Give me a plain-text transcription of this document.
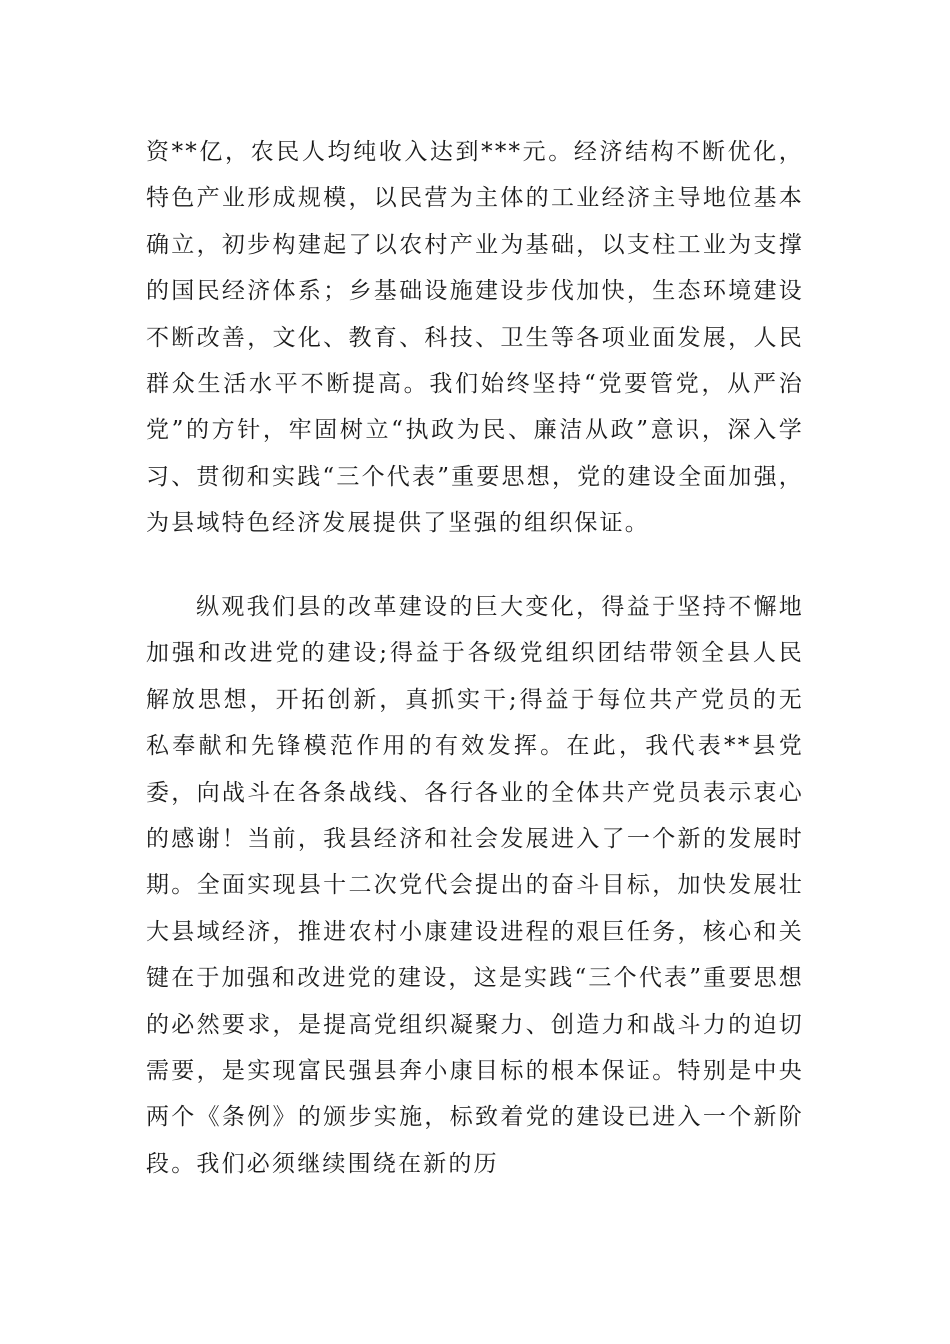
资**亿，农民人均纯收入达到***元。经济结构不断优化，特色产业形成规模，以民营为主体的工业经济主导地位基本确立，初步构建起了以农村产业为基础，以支柱工业为支撑的国民经济体系；乡基础设施建设步伐加快，生态环境建设不断改善，文化、教育、科技、卫生等各项业面发展，人民群众生活水平不断提高。我们始终坚持“党要管党，从严治党”的方针，牢固树立“执政为民、廉洁从政”意识，深入学习、贯彻和实践“三个代表”重要思想，党的建设全面加强，为县域特色经济发展提供了坚强的组织保证。

纵观我们县的改革建设的巨大变化，得益于坚持不懈地加强和改进党的建设;得益于各级党组织团结带领全县人民解放思想，开拓创新，真抓实干;得益于每位共产党员的无私奉献和先锋模范作用的有效发挥。在此，我代表**县党委，向战斗在各条战线、各行各业的全体共产党员表示衷心的感谢！当前，我县经济和社会发展进入了一个新的发展时期。全面实现县十二次党代会提出的奋斗目标，加快发展壮大县域经济，推进农村小康建设进程的艰巨任务，核心和关键在于加强和改进党的建设，这是实践“三个代表”重要思想的必然要求，是提高党组织凝聚力、创造力和战斗力的迫切需要，是实现富民强县奔小康目标的根本保证。特别是中央两个《条例》的颁步实施，标致着党的建设已进入一个新阶段。我们必须继续围绕在新的历
